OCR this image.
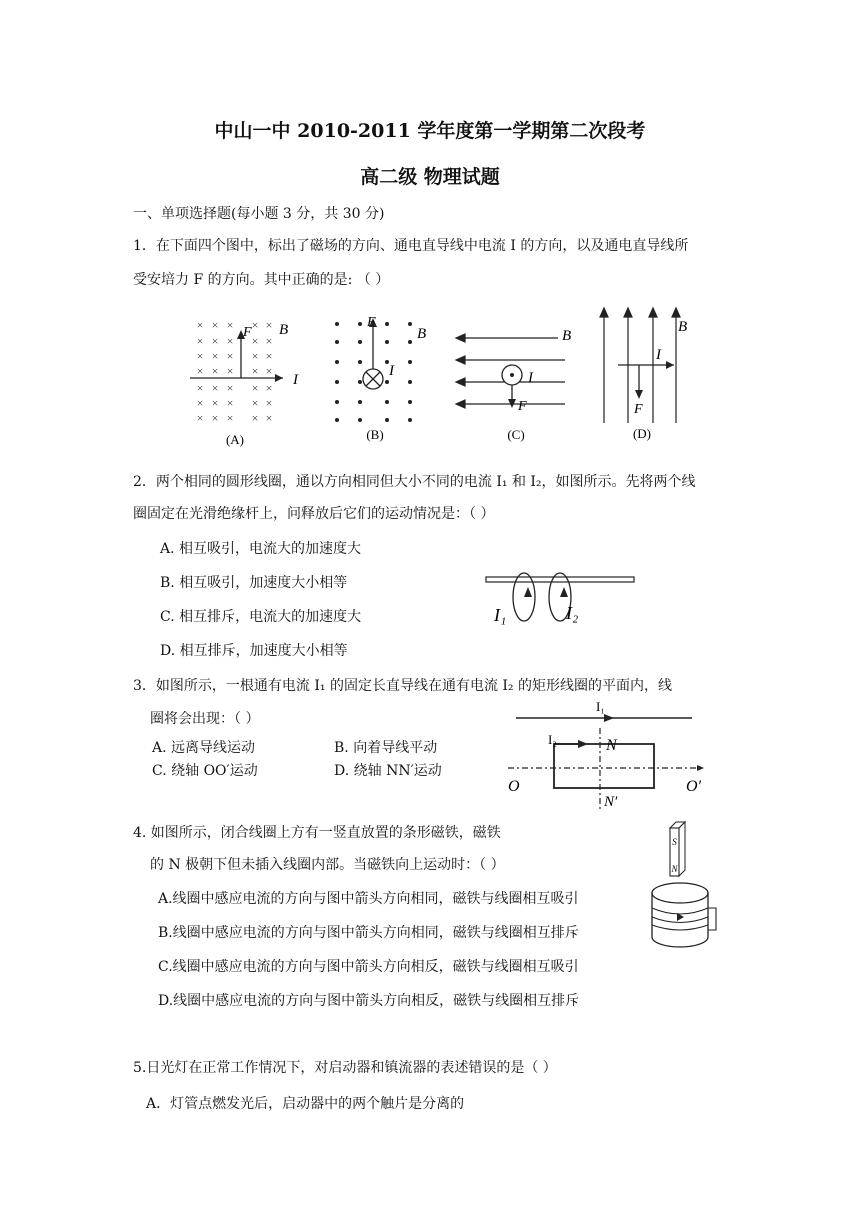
中山一中 2010-2011 学年度第一学期第二次段考
高二级 物理试题
一、单项选择题(每小题 3 分，共 30 分)
1．在下面四个图中，标出了磁场的方向、通电直导线中电流 I 的方向，以及通电直导线所
受安培力 F 的方向。其中正确的是: （ ）
× × × × ×
× × × × ×
× × × × ×
× × × × ×
× × × × ×
× × × × ×
× × × × ×
F B
I
(A)
F
B
I
(B)
B
I
F
(C)
B
I
F
(D)
2．两个相同的圆形线圈，通以方向相同但大小不同的电流 I₁ 和 I₂，如图所示。先将两个线
圈固定在光滑绝缘杆上，问释放后它们的运动情况是：（ ）
A. 相互吸引，电流大的加速度大
B. 相互吸引，加速度大小相等
C. 相互排斥，电流大的加速度大
D. 相互排斥，加速度大小相等
I₁	I₂
3．如图所示，一根通有电流 I₁ 的固定长直导线在通有电流 I₂ 的矩形线圈的平面内，线
圈将会出现：（ ）
A. 远离导线运动	B. 向着导线平动
C. 绕轴 OO′运动	D. 绕轴 NN′运动
I₁
I₂	N
N′
O	O′
4. 如图所示，闭合线圈上方有一竖直放置的条形磁铁，磁铁
的 N 极朝下但未插入线圈内部。当磁铁向上运动时：（ ）
A.线圈中感应电流的方向与图中箭头方向相同，磁铁与线圈相互吸引
B.线圈中感应电流的方向与图中箭头方向相同，磁铁与线圈相互排斥
C.线圈中感应电流的方向与图中箭头方向相反，磁铁与线圈相互吸引
D.线圈中感应电流的方向与图中箭头方向相反，磁铁与线圈相互排斥
S
N
5.日光灯在正常工作情况下，对启动器和镇流器的表述错误的是（ ）
A．灯管点燃发光后，启动器中的两个触片是分离的
